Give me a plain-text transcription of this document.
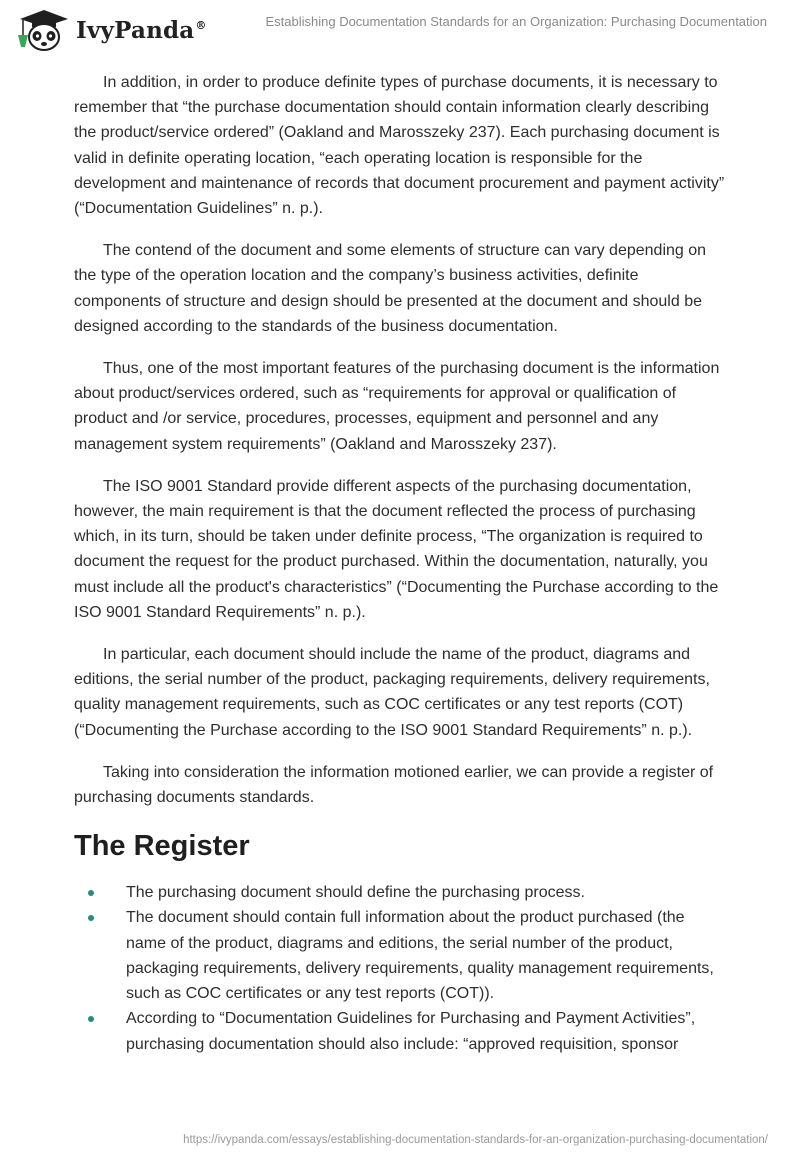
IvyPanda®	Establishing Documentation Standards for an Organization: Purchasing Documentation

In addition, in order to produce definite types of purchase documents, it is necessary to remember that “the purchase documentation should contain information clearly describing the product/service ordered” (Oakland and Marosszeky 237). Each purchasing document is valid in definite operating location, “each operating location is responsible for the development and maintenance of records that document procurement and payment activity” (“Documentation Guidelines” n. p.).

The contend of the document and some elements of structure can vary depending on the type of the operation location and the company’s business activities, definite components of structure and design should be presented at the document and should be designed according to the standards of the business documentation.

Thus, one of the most important features of the purchasing document is the information about product/services ordered, such as “requirements for approval or qualification of product and /or service, procedures, processes, equipment and personnel and any management system requirements” (Oakland and Marosszeky 237).

The ISO 9001 Standard provide different aspects of the purchasing documentation, however, the main requirement is that the document reflected the process of purchasing which, in its turn, should be taken under definite process, “The organization is required to document the request for the product purchased. Within the documentation, naturally, you must include all the product's characteristics” (“Documenting the Purchase according to the ISO 9001 Standard Requirements” n. p.).

In particular, each document should include the name of the product, diagrams and editions, the serial number of the product, packaging requirements, delivery requirements, quality management requirements, such as COC certificates or any test reports (COT) (“Documenting the Purchase according to the ISO 9001 Standard Requirements” n. p.).

Taking into consideration the information motioned earlier, we can provide a register of purchasing documents standards.

The Register
The purchasing document should define the purchasing process.
The document should contain full information about the product purchased (the name of the product, diagrams and editions, the serial number of the product, packaging requirements, delivery requirements, quality management requirements, such as COC certificates or any test reports (COT)).
According to “Documentation Guidelines for Purchasing and Payment Activities”, purchasing documentation should also include: “approved requisition, sponsor
https://ivypanda.com/essays/establishing-documentation-standards-for-an-organization-purchasing-documentation/
